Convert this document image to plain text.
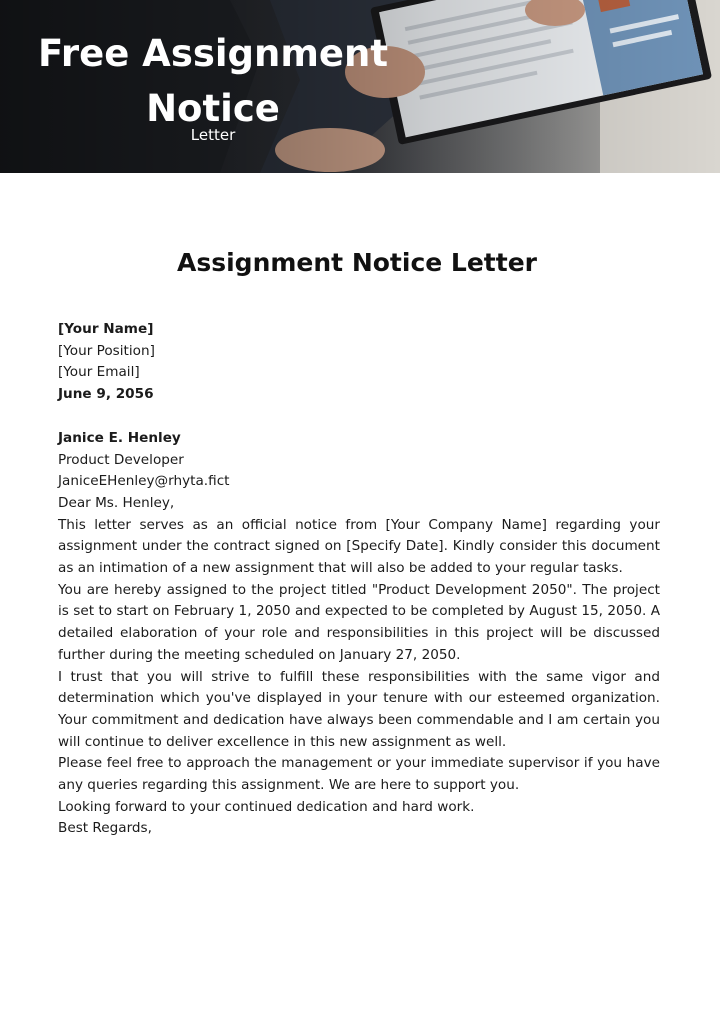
Free Assignment Notice

Letter

Assignment Notice Letter

[Your Name]

[Your Position]

[Your Email]

June 9, 2056

Janice E. Henley

Product Developer

JaniceEHenley@rhyta.fict

Dear Ms. Henley,

This letter serves as an official notice from [Your Company Name] regarding your assignment under the contract signed on [Specify Date]. Kindly consider this document as an intimation of a new assignment that will also be added to your regular tasks.

You are hereby assigned to the project titled "Product Development 2050". The project is set to start on February 1, 2050 and expected to be completed by August 15, 2050. A detailed elaboration of your role and responsibilities in this project will be discussed further during the meeting scheduled on January 27, 2050.

I trust that you will strive to fulfill these responsibilities with the same vigor and determination which you've displayed in your tenure with our esteemed organization. Your commitment and dedication have always been commendable and I am certain you will continue to deliver excellence in this new assignment as well.

Please feel free to approach the management or your immediate supervisor if you have any queries regarding this assignment. We are here to support you.

Looking forward to your continued dedication and hard work.

Best Regards,
